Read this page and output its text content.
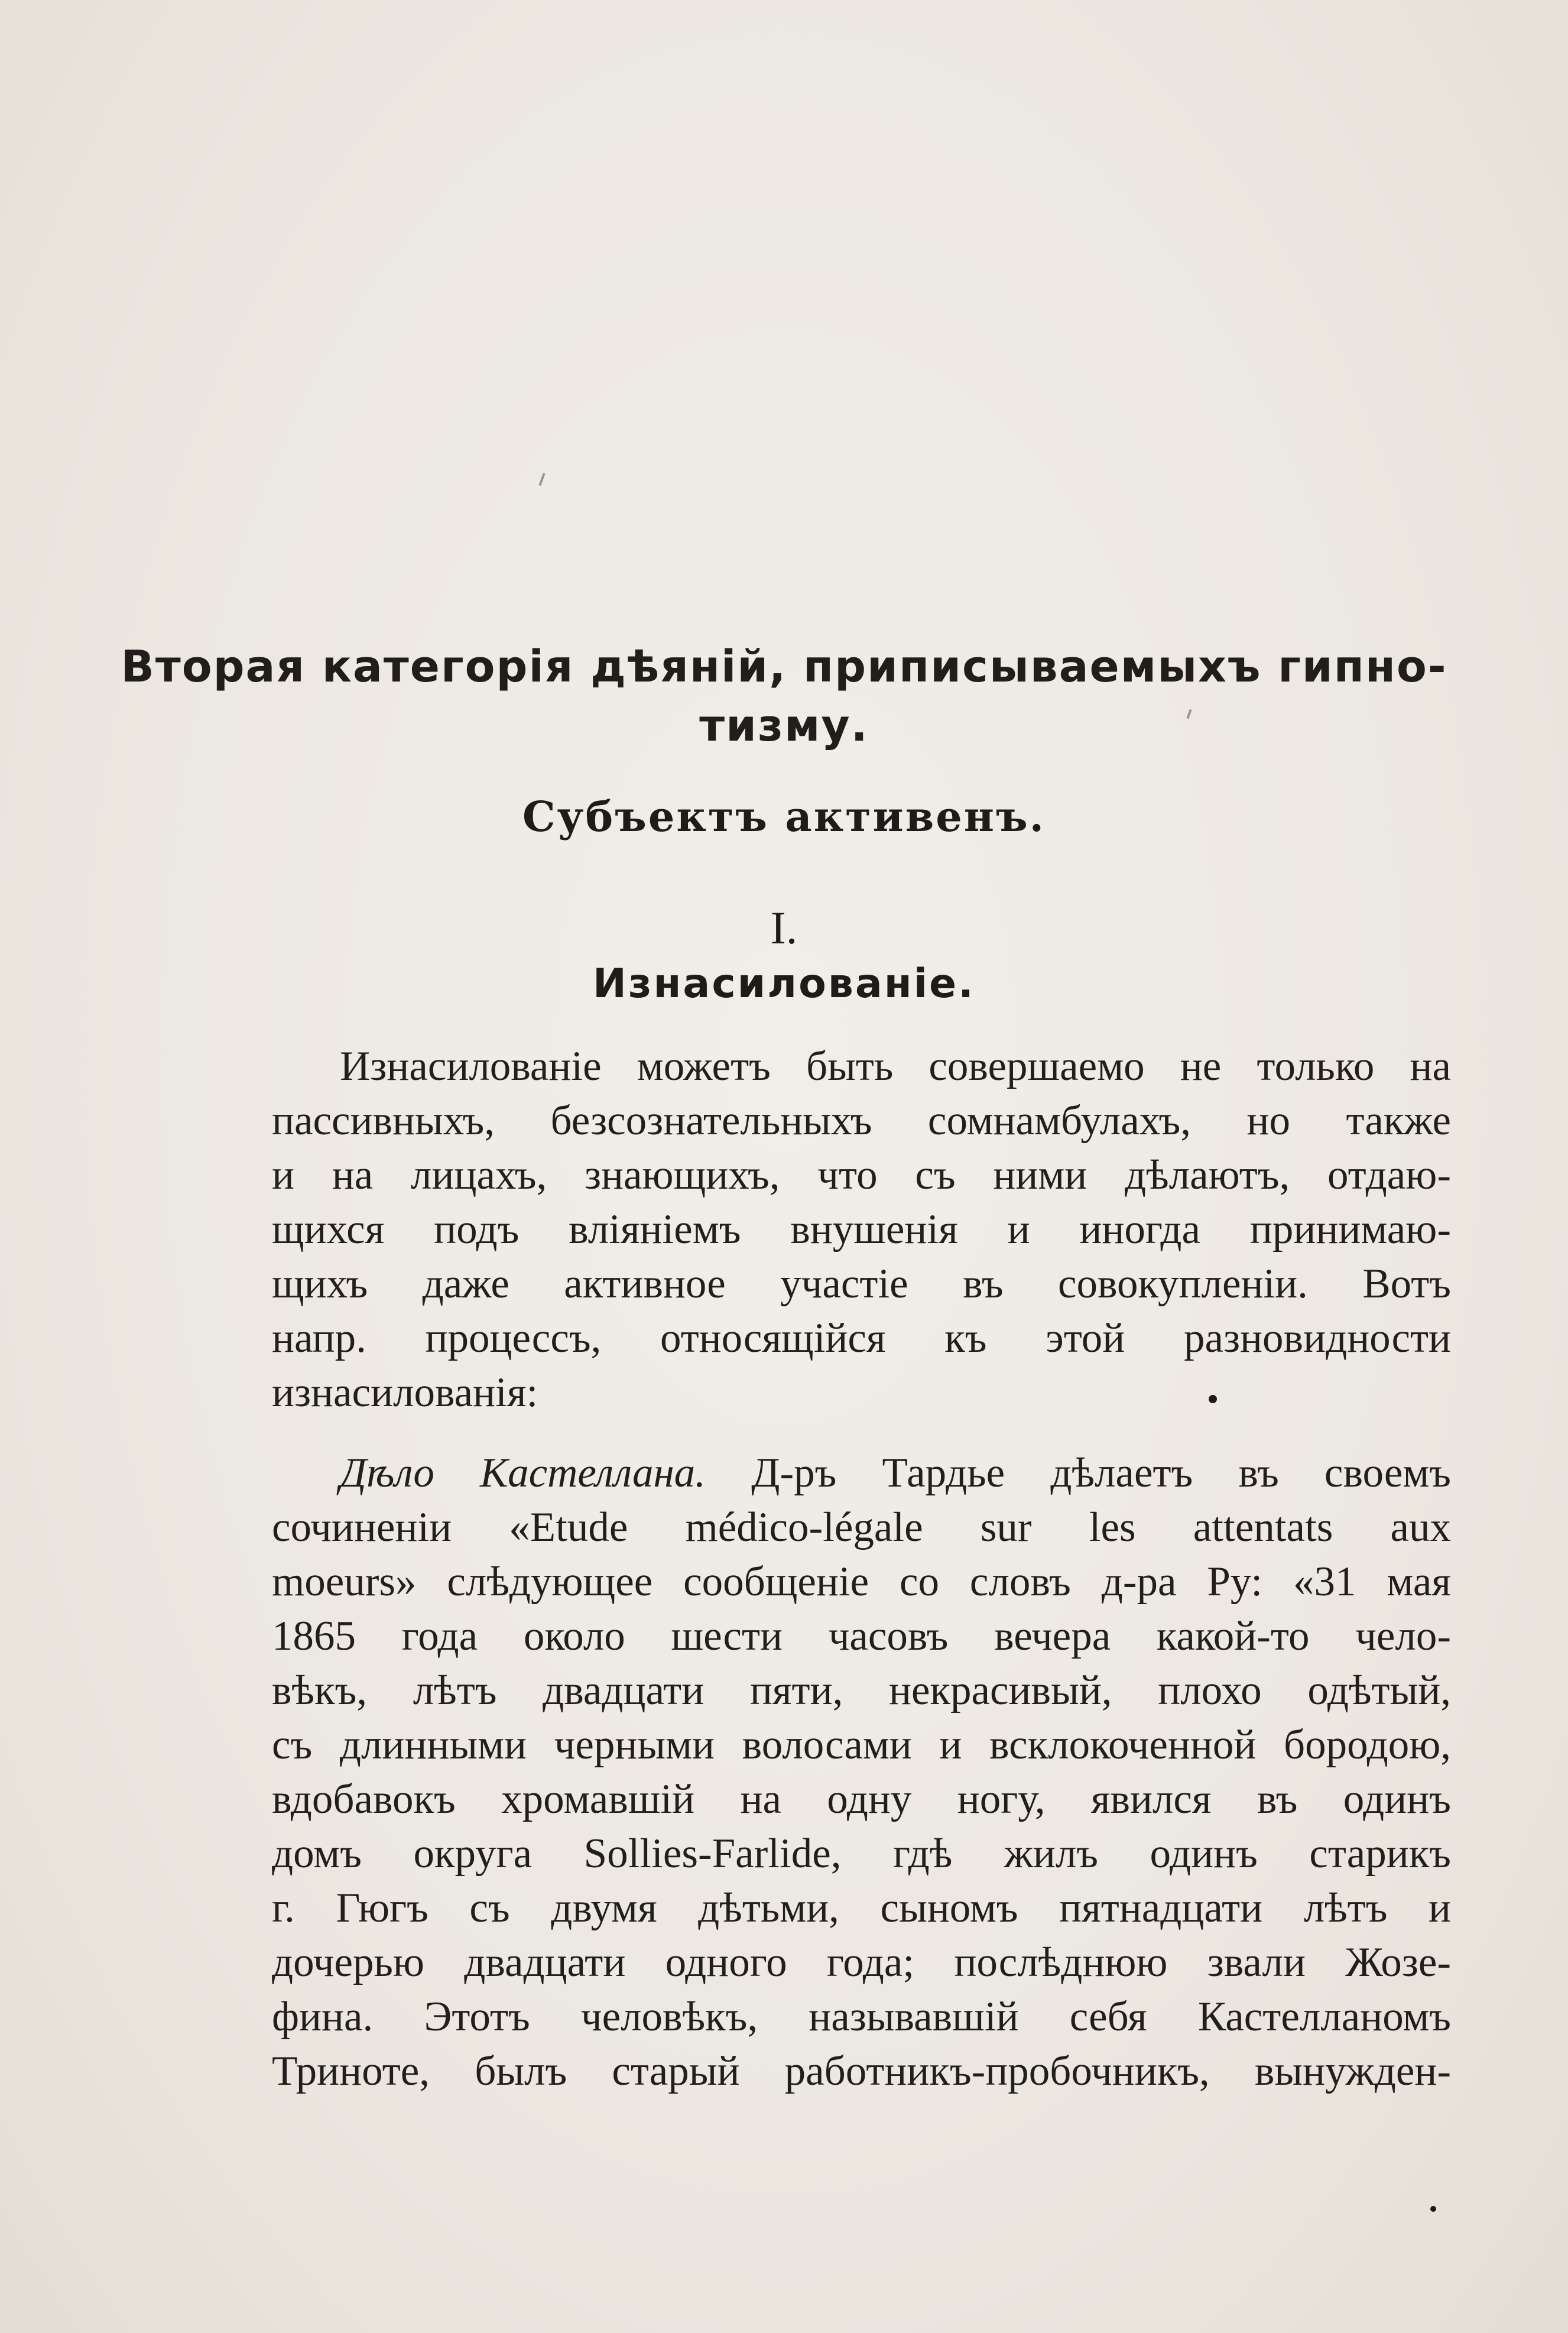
Вторая категорія дѣяній, приписываемыхъ гипно-
тизму.
Субъектъ активенъ.
I.
Изнасилованіе.
Изнасилованіе можетъ быть совершаемо не только на
пассивныхъ, безсознательныхъ сомнамбулахъ, но также
и на лицахъ, знающихъ, что съ ними дѣлаютъ, отдаю-
щихся подъ вліяніемъ внушенія и иногда принимаю-
щихъ даже активное участіе въ совокупленіи. Вотъ
напр. процессъ, относящійся къ этой разновидности
изнасилованія:
Дѣло Кастеллана. Д-ръ Тардье дѣлаетъ въ своемъ
сочиненіи «Etude médico-légale sur les attentats aux
moeurs» слѣдующее сообщеніе со словъ д-ра Ру: «31 мая
1865 года около шести часовъ вечера какой-то чело-
вѣкъ, лѣтъ двадцати пяти, некрасивый, плохо одѣтый,
съ длинными черными волосами и всклокоченной бородою,
вдобавокъ хромавшій на одну ногу, явился въ одинъ
домъ округа Sollies-Farlide, гдѣ жилъ одинъ старикъ
г. Гюгъ съ двумя дѣтьми, сыномъ пятнадцати лѣтъ и
дочерью двадцати одного года; послѣднюю звали Жозе-
фина. Этотъ человѣкъ, называвшій себя Кастелланомъ
Триноте, былъ старый работникъ-пробочникъ, вынужден-
